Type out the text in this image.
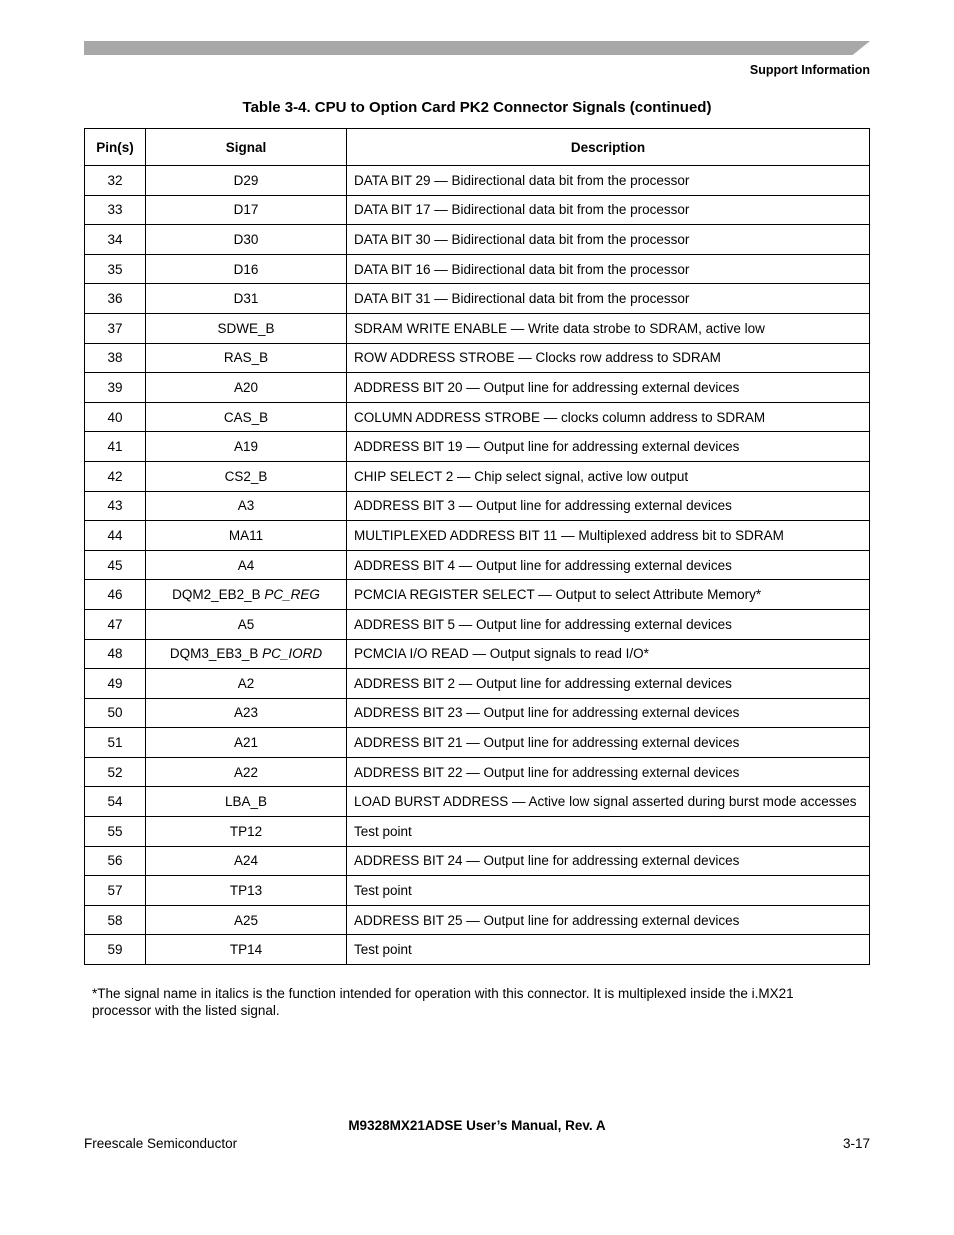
Support Information
Table 3-4. CPU to Option Card PK2 Connector Signals (continued)
Pin(s)	Signal	Description
32	D29	DATA BIT 29 — Bidirectional data bit from the processor
33	D17	DATA BIT 17 — Bidirectional data bit from the processor
34	D30	DATA BIT 30 — Bidirectional data bit from the processor
35	D16	DATA BIT 16 — Bidirectional data bit from the processor
36	D31	DATA BIT 31 — Bidirectional data bit from the processor
37	SDWE_B	SDRAM WRITE ENABLE — Write data strobe to SDRAM, active low
38	RAS_B	ROW ADDRESS STROBE — Clocks row address to SDRAM
39	A20	ADDRESS BIT 20 — Output line for addressing external devices
40	CAS_B	COLUMN ADDRESS STROBE — clocks column address to SDRAM
41	A19	ADDRESS BIT 19 — Output line for addressing external devices
42	CS2_B	CHIP SELECT 2 — Chip select signal, active low output
43	A3	ADDRESS BIT 3 — Output line for addressing external devices
44	MA11	MULTIPLEXED ADDRESS BIT 11 — Multiplexed address bit to SDRAM
45	A4	ADDRESS BIT 4 — Output line for addressing external devices
46	DQM2_EB2_B PC_REG	PCMCIA REGISTER SELECT — Output to select Attribute Memory*
47	A5	ADDRESS BIT 5 — Output line for addressing external devices
48	DQM3_EB3_B PC_IORD	PCMCIA I/O READ — Output signals to read I/O*
49	A2	ADDRESS BIT 2 — Output line for addressing external devices
50	A23	ADDRESS BIT 23 — Output line for addressing external devices
51	A21	ADDRESS BIT 21 — Output line for addressing external devices
52	A22	ADDRESS BIT 22 — Output line for addressing external devices
54	LBA_B	LOAD BURST ADDRESS — Active low signal asserted during burst mode accesses
55	TP12	Test point
56	A24	ADDRESS BIT 24 — Output line for addressing external devices
57	TP13	Test point
58	A25	ADDRESS BIT 25 — Output line for addressing external devices
59	TP14	Test point
*The signal name in italics is the function intended for operation with this connector. It is multiplexed inside the i.MX21 processor with the listed signal.
M9328MX21ADSE User’s Manual, Rev. A
Freescale Semiconductor	3-17
